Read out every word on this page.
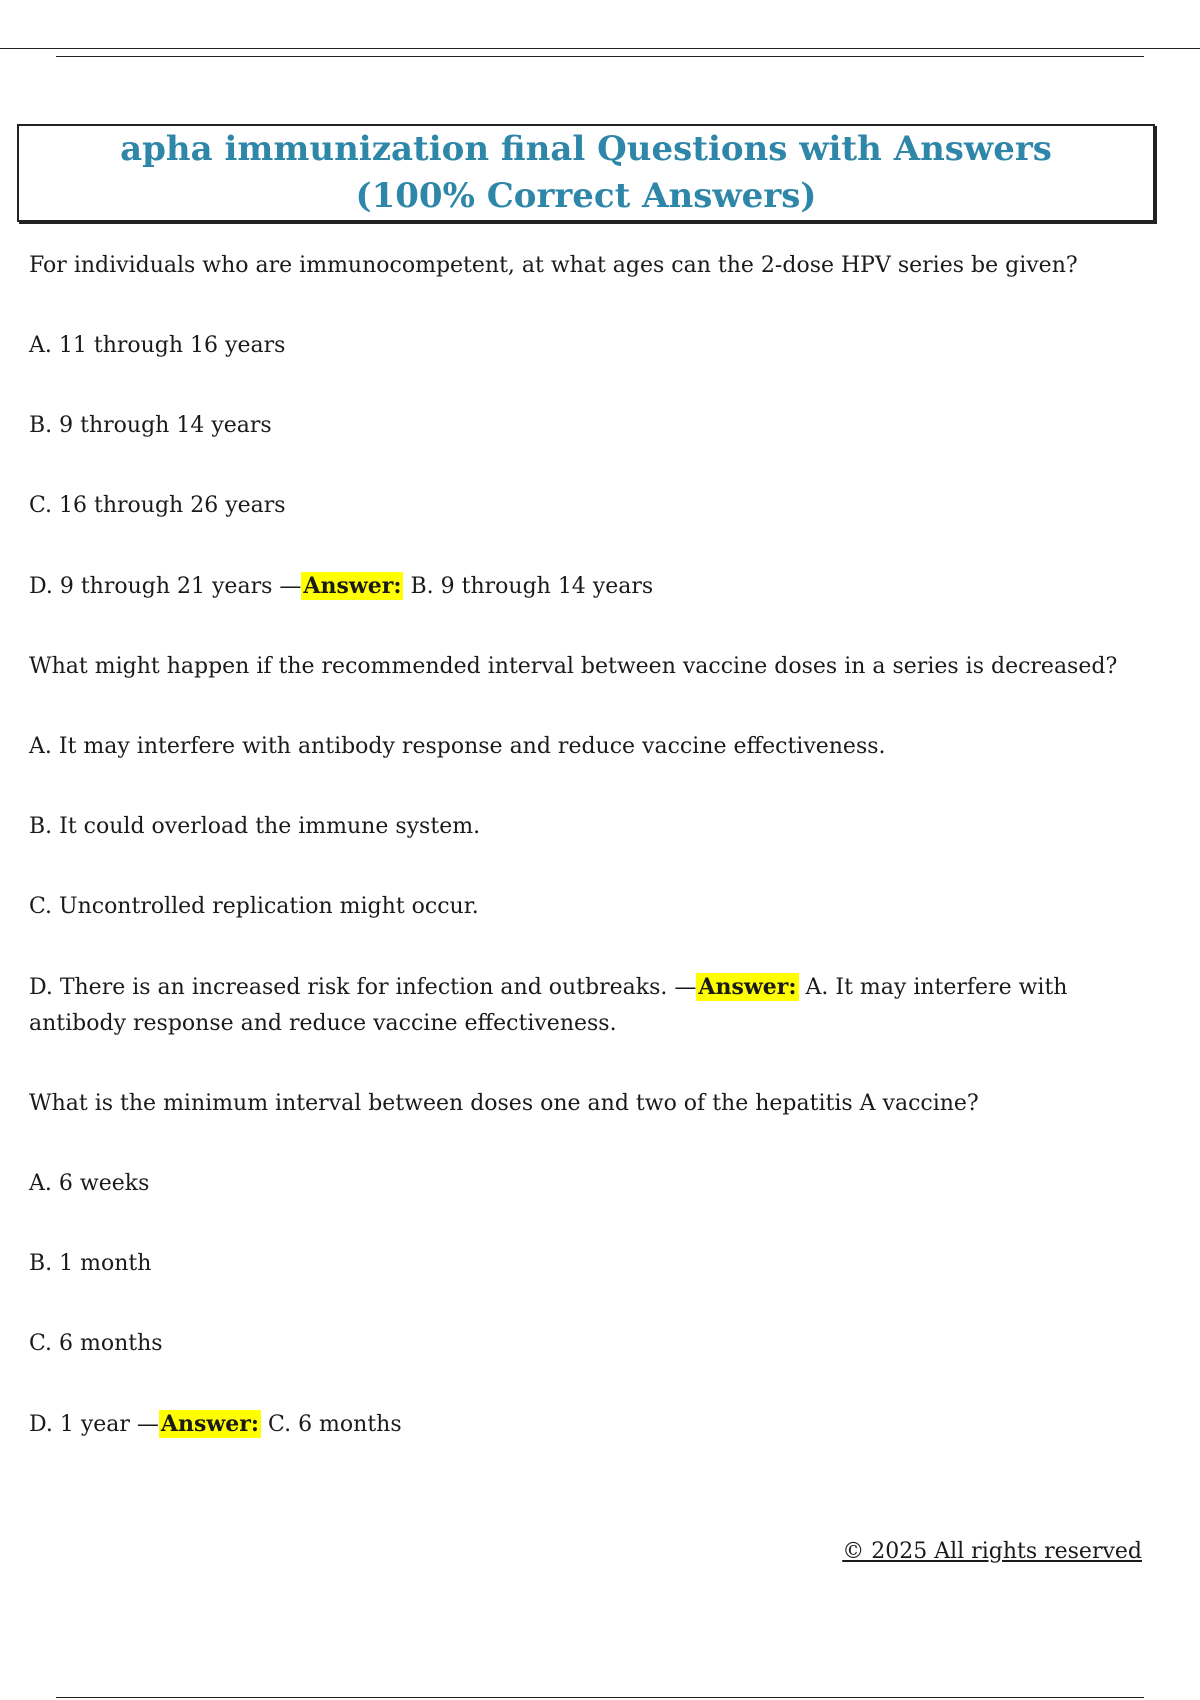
apha immunization final Questions with Answers (100% Correct Answers)

For individuals who are immunocompetent, at what ages can the 2-dose HPV series be given?

A. 11 through 16 years

B. 9 through 14 years

C. 16 through 26 years

D. 9 through 21 years —Answer: B. 9 through 14 years

What might happen if the recommended interval between vaccine doses in a series is decreased?

A. It may interfere with antibody response and reduce vaccine effectiveness.

B. It could overload the immune system.

C. Uncontrolled replication might occur.

D. There is an increased risk for infection and outbreaks. —Answer: A. It may interfere with antibody response and reduce vaccine effectiveness.

What is the minimum interval between doses one and two of the hepatitis A vaccine?

A. 6 weeks

B. 1 month

C. 6 months

D. 1 year —Answer: C. 6 months

© 2025 All rights reserved
